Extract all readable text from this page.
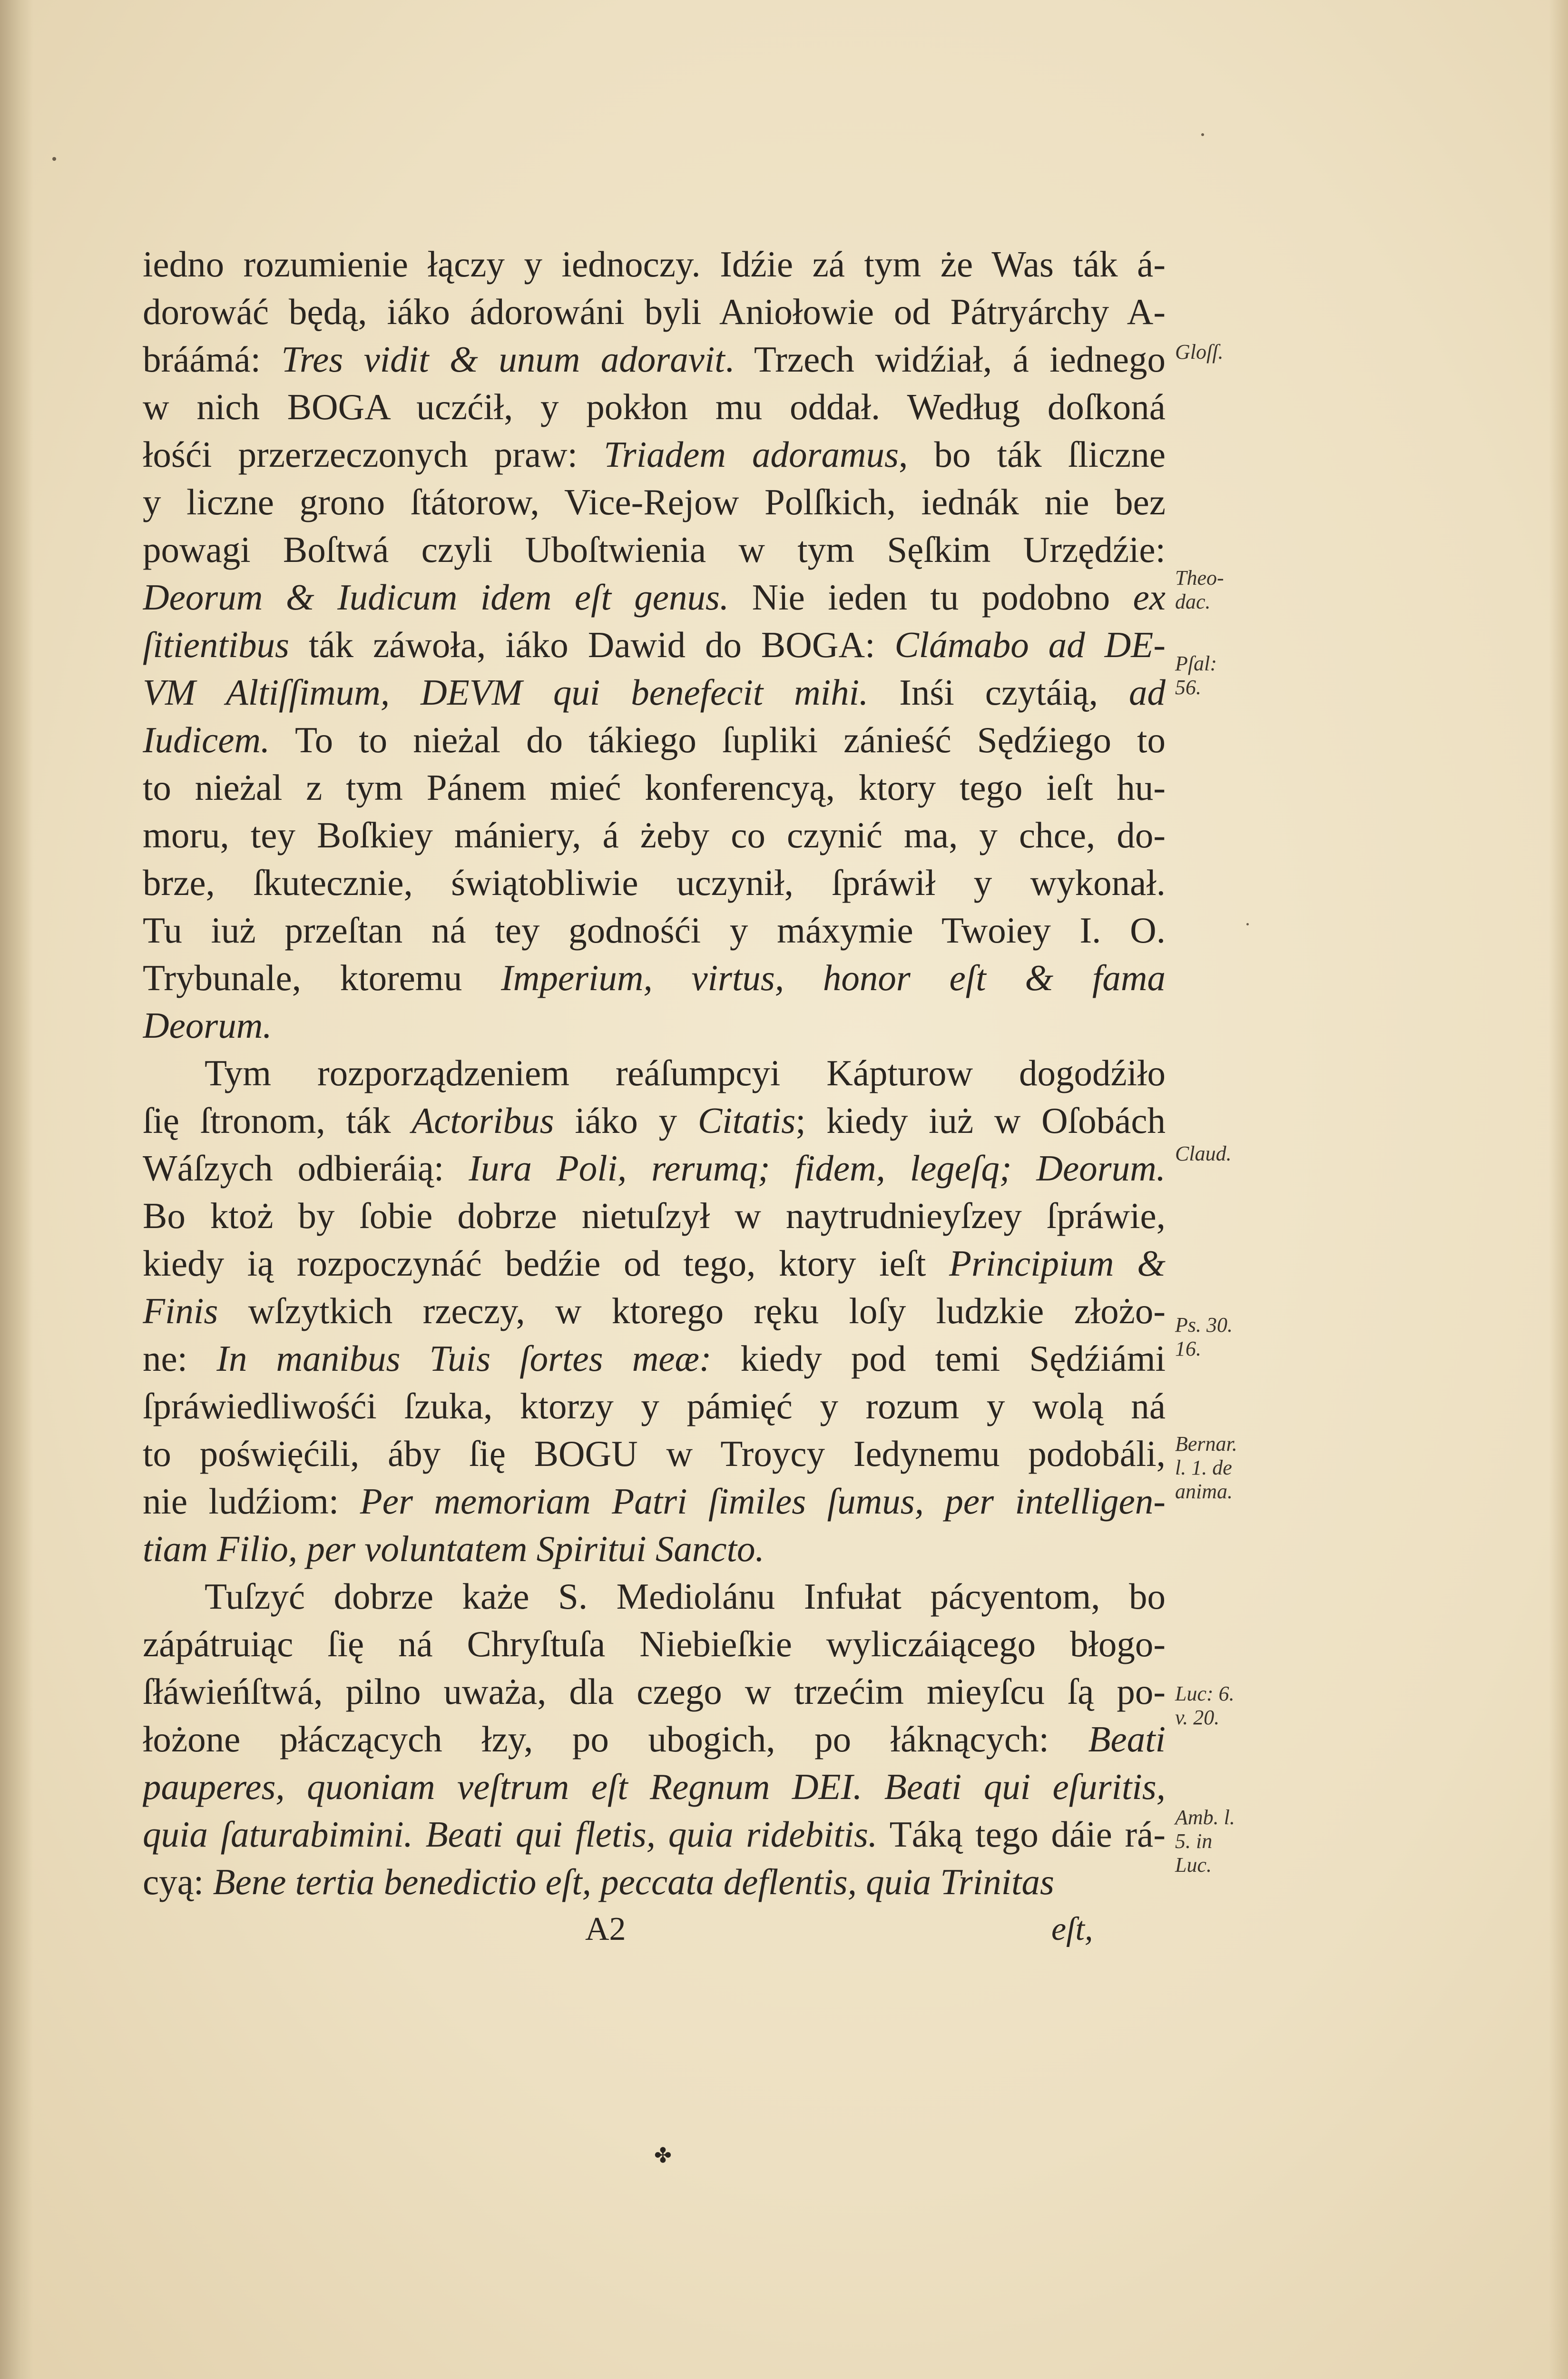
iedno rozumienie łączy y iednoczy. Idźie zá tym że Was ták á-
dorowáć będą, iáko ádorowáni byli Aniołowie od Pátryárchy A-
bráámá: Tres vidit & unum adoravit. Trzech widźiał, á iednego
w nich BOGA uczćił, y pokłon mu oddał. Według doſkoná
łośći przerzeczonych praw: Triadem adoramus, bo ták ſliczne
y liczne grono ſtátorow, Vice-Rejow Polſkich, iednák nie bez
powagi Boſtwá czyli Uboſtwienia w tym Sęſkim Urzędźie:
Deorum & Iudicum idem eſt genus. Nie ieden tu podobno ex
ſitientibus ták záwoła, iáko Dawid do BOGA: Clámabo ad DE-
VM Altiſſimum, DEVM qui benefecit mihi. Inśi czytáią, ad
Iudicem. To to nieżal do tákiego ſupliki zánieść Sędźiego to
to nieżal z tym Pánem mieć konferencyą, ktory tego ieſt hu-
moru, tey Boſkiey mániery, á żeby co czynić ma, y chce, do-
brze, ſkutecznie, świątobliwie uczynił, ſpráwił y wykonał.
Tu iuż przeſtan ná tey godnośći y máxymie Twoiey I. O.
Trybunale, ktoremu Imperium, virtus, honor eſt & fama
Deorum.
Tym rozporządzeniem reáſumpcyi Kápturow dogodźiło
ſię ſtronom, ták Actoribus iáko y Citatis; kiedy iuż w Oſobách
Wáſzych odbieráią: Iura Poli, rerumq; fidem, legeſq; Deorum.
Bo ktoż by ſobie dobrze nietuſzył w naytrudnieyſzey ſpráwie,
kiedy ią rozpoczynáć bedźie od tego, ktory ieſt Principium &
Finis wſzytkich rzeczy, w ktorego ręku loſy ludzkie złożo-
ne: In manibus Tuis ſortes meæ: kiedy pod temi Sędźiámi
ſpráwiedliwośći ſzuka, ktorzy y pámięć y rozum y wolą ná
to poświęćili, áby ſię BOGU w Troycy Iedynemu podobáli,
nie ludźiom: Per memoriam Patri ſimiles ſumus, per intelligen-
tiam Filio, per voluntatem Spiritui Sancto.
Tuſzyć dobrze każe S. Mediolánu Infułat pácyentom, bo
zápátruiąc ſię ná Chryſtuſa Niebieſkie wyliczáiącego błogo-
ſłáwieńſtwá, pilno uważa, dla czego w trzećim mieyſcu ſą po-
łożone płáczących łzy, po ubogich, po łáknących: Beati
pauperes, quoniam veſtrum eſt Regnum DEI. Beati qui eſuritis,
quia ſaturabimini. Beati qui fletis, quia ridebitis. Táką tego dáie rá-
cyą: Bene tertia benedictio eſt, peccata deflentis, quia Trinitas
Gloſſ.
Theo-
dac.
Pſal:
56.
Claud.
Ps. 30.
16.
Bernar.
l. 1. de
anima.
Luc: 6.
v. 20.
Amb. l.
5. in
Luc.
A2	eſt,
✤
